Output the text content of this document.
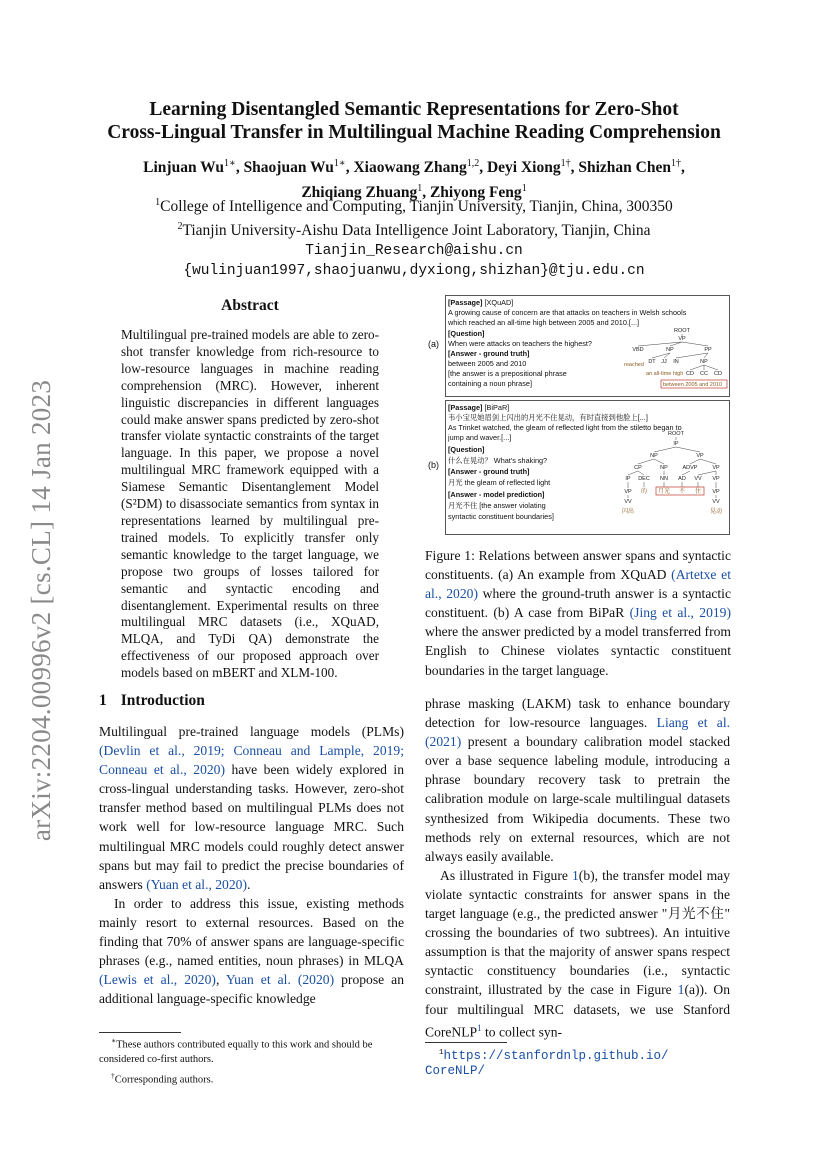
arXiv:2204.00996v2 [cs.CL] 14 Jan 2023
Learning Disentangled Semantic Representations for Zero-Shot
Cross-Lingual Transfer in Multilingual Machine Reading Comprehension
Linjuan $Wu^{1∗}$, Shaojuan $Wu^{1∗}$, Xiaowang Zhang$^{1,2}$, Deyi Xiong$^{1\dagger}$, Shizhan Chen$^{1\dagger}$,
Zhiqiang Zhuang$^1$, Zhiyong Feng$^1$
$^1$College of Intelligence and Computing, Tianjin University, Tianjin, China, 300350
$^2$Tianjin University-Aishu Data Intelligence Joint Laboratory, Tianjin, China
Tianjin_Research@aishu.cn
{wulinjuan1997,shaojuanwu,dyxiong,shizhan}@tju.edu.cn
Abstract
Multilingual pre-trained models are able to zero-shot transfer knowledge from rich-resource to low-resource languages in machine reading comprehension (MRC). However, inherent linguistic discrepancies in different languages could make answer spans predicted by zero-shot transfer violate syntactic constraints of the target language. In this paper, we propose a novel multilingual MRC framework equipped with a Siamese Semantic Disentanglement Model (S²DM) to disassociate semantics from syntax in representations learned by multilingual pre-trained models. To explicitly transfer only semantic knowledge to the target language, we propose two groups of losses tailored for semantic and syntactic encoding and disentanglement. Experimental results on three multilingual MRC datasets (i.e., XQuAD, MLQA, and TyDi QA) demonstrate the effectiveness of our proposed approach over models based on mBERT and XLM-100.
1 Introduction

Multilingual pre-trained language models (PLMs) (Devlin et al., 2019; Conneau and Lample, 2019; Conneau et al., 2020) have been widely explored in cross-lingual understanding tasks. However, zero-shot transfer method based on multilingual PLMs does not work well for low-resource language MRC. Such multilingual MRC models could roughly detect answer spans but may fail to predict the precise boundaries of answers (Yuan et al., 2020).

In order to address this issue, existing methods mainly resort to external resources. Based on the finding that 70% of answer spans are language-specific phrases (e.g., named entities, noun phrases) in MLQA (Lewis et al., 2020), Yuan et al. (2020) propose an additional language-specific knowledge

∗These authors contributed equally to this work and should be considered co-first authors.
†Corresponding authors.
(a)
[Passage] [XQuAD]
A growing cause of concern are that attacks on teachers in Welsh schools
which reached an all-time high between 2005 and 2010.[...]
[Question]
When were attacks on teachers the highest?
[Answer - ground truth]
between 2005 and 2010
[the answer is a prepositional phrase
containing a noun phrase]
ROOT
VP
VBD	NP	PP
DT JJ IN	NP
CD CC CD
reached
an all-time high
between 2005 and 2010
(b)
[Passage] [BiPaR]
韦小宝见她眉剑上闪出的月光不住晃动，有时直接到他脸上[...]
As Trinket watched, the gleam of reflected light from the stiletto began to
jump and waver.[...]
[Question]
什么在晃动？ What's shaking?
[Answer - ground truth]
月光 the gleam of reflected light
[Answer - model prediction]
月光不住 [the answer violating
syntactic constituent boundaries]
ROOT
IP
NP	VP
CP	NP	ADVP	VP
IP DEC NN AD VV VP
VP	VP
VV	VV
闪出
的 月光 不 住
晃动
Figure 1: Relations between answer spans and syntactic constituents. (a) An example from XQuAD (Artetxe et al., 2020) where the ground-truth answer is a syntactic constituent. (b) A case from BiPaR (Jing et al., 2019) where the answer predicted by a model transferred from English to Chinese violates syntactic constituent boundaries in the target language.

phrase masking (LAKM) task to enhance boundary detection for low-resource languages. Liang et al. (2021) present a boundary calibration model stacked over a base sequence labeling module, introducing a phrase boundary recovery task to pretrain the calibration module on large-scale multilingual datasets synthesized from Wikipedia documents. These two methods rely on external resources, which are not always easily available.

As illustrated in Figure 1(b), the transfer model may violate syntactic constraints for answer spans in the target language (e.g., the predicted answer "月光不住" crossing the boundaries of two subtrees). An intuitive assumption is that the majority of answer spans respect syntactic constituency boundaries (i.e., syntactic constraint, illustrated by the case in Figure 1(a)). On four multilingual MRC datasets, we use Stanford CoreNLP$^1$ to collect syn-

$^1$https://stanfordnlp.github.io/
CoreNLP/
